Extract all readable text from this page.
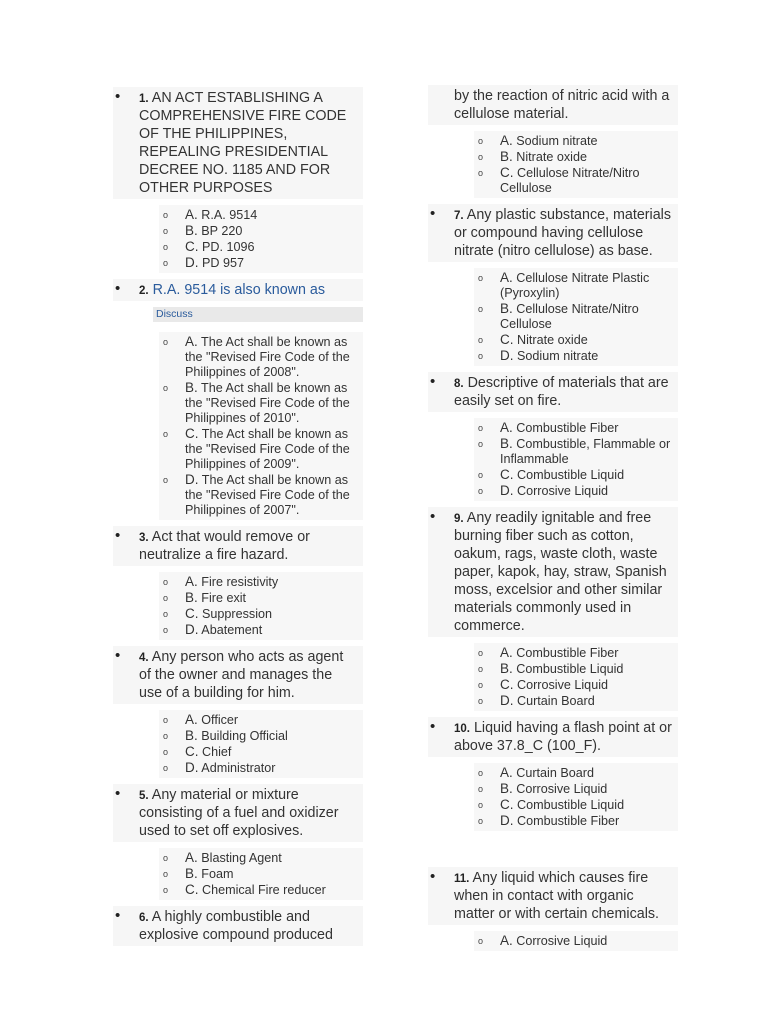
• 1. AN ACT ESTABLISHING A COMPREHENSIVE FIRE CODE OF THE PHILIPPINES, REPEALING PRESIDENTIAL DECREE NO. 1185 AND FOR OTHER PURPOSES
o A. R.A. 9514
o B. BP 220
o C. PD. 1096
o D. PD 957
• 2. R.A. 9514 is also known as
Discuss
o A. The Act shall be known as the "Revised Fire Code of the Philippines of 2008".
o B. The Act shall be known as the "Revised Fire Code of the Philippines of 2010".
o C. The Act shall be known as the "Revised Fire Code of the Philippines of 2009".
o D. The Act shall be known as the "Revised Fire Code of the Philippines of 2007".
• 3. Act that would remove or neutralize a fire hazard.
o A. Fire resistivity
o B. Fire exit
o C. Suppression
o D. Abatement
• 4. Any person who acts as agent of the owner and manages the use of a building for him.
o A. Officer
o B. Building Official
o C. Chief
o D. Administrator
• 5. Any material or mixture consisting of a fuel and oxidizer used to set off explosives.
o A. Blasting Agent
o B. Foam
o C. Chemical Fire reducer
• 6. A highly combustible and explosive compound produced
by the reaction of nitric acid with a cellulose material.
o A. Sodium nitrate
o B. Nitrate oxide
o C. Cellulose Nitrate/Nitro Cellulose
• 7. Any plastic substance, materials or compound having cellulose nitrate (nitro cellulose) as base.
o A. Cellulose Nitrate Plastic (Pyroxylin)
o B. Cellulose Nitrate/Nitro Cellulose
o C. Nitrate oxide
o D. Sodium nitrate
• 8. Descriptive of materials that are easily set on fire.
o A. Combustible Fiber
o B. Combustible, Flammable or Inflammable
o C. Combustible Liquid
o D. Corrosive Liquid
• 9. Any readily ignitable and free burning fiber such as cotton, oakum, rags, waste cloth, waste paper, kapok, hay, straw, Spanish moss, excelsior and other similar materials commonly used in commerce.
o A. Combustible Fiber
o B. Combustible Liquid
o C. Corrosive Liquid
o D. Curtain Board
• 10. Liquid having a flash point at or above 37.8_C (100_F).
o A. Curtain Board
o B. Corrosive Liquid
o C. Combustible Liquid
o D. Combustible Fiber
• 11. Any liquid which causes fire when in contact with organic matter or with certain chemicals.
o A. Corrosive Liquid
